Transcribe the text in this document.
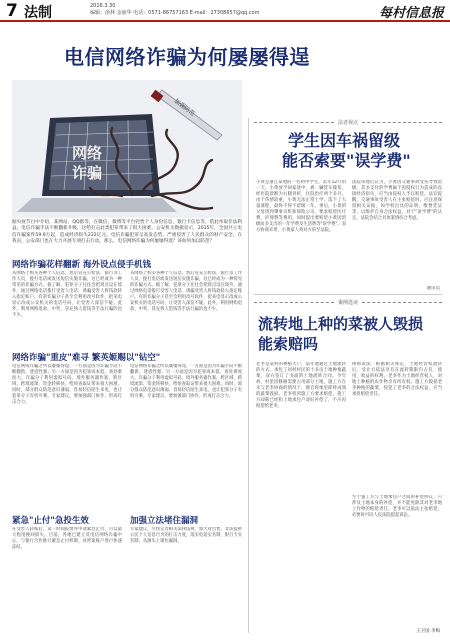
7 法制	2016.3.30
编辑：俞林 金丽华 电话：0571-86757163 E-mail：27308657@qq.com	每村信息报
电信网络诈骗为何屡屡得逞
网络
诈骗
加强防范
据央视节目中介绍，某网站、QQ群等，在微信、微博等平台兜售个人身份信息、银行卡信息等，借此牟取非法利益。电信诈骗手法不断翻新升级，这给打击此类犯罪带来了很大困难。公安机关数据显示，2015年，全国共立电信诈骗案件59.9万起，造成经济损失222亿元。电信诈骗犯罪呈高发态势，严重侵害了人民群众的财产安全。在我省，公安部门也在大力开展专项打击行动。那么，电信网络诈骗为何屡屡得逞？该如何加以防范？
网络诈骗花样翻新 海外设点侵手机钱
从网络上购买各种个人信息，然后冒充公检法、银行等工作人员，拨打电话或发送短信实施诈骗，这已经成为一种常见的诈骗方式。据了解，犯罪分子往往会把窝点设在境外，通过网络电话拨打受害人电话，诱骗受害人将钱款转入指定账户。有的诈骗分子甚至会利用改号软件，把来电显示改成公安机关的电话号码，让受害人深信不疑。此外，利用网购退款、中奖、冒充熟人借钱等手法行骗的也不少。
从网络上购买各种个人信息，然后冒充公检法、银行等工作人员，拨打电话或发送短信实施诈骗，这已经成为一种常见的诈骗方式。据了解，犯罪分子往往会把窝点设在境外，通过网络电话拨打受害人电话，诱骗受害人将钱款转入指定账户。有的诈骗分子甚至会利用改号软件，把来电显示改成公安机关的电话号码，让受害人深信不疑。此外，利用网购退款、中奖、冒充熟人借钱等手法行骗的也不少。
网络诈骗"重皮"难寻 繁英姬赐以"钻空"
电信网络诈骗之所以屡屡得逞，一方面是因为诈骗手段不断翻新，迷惑性强；另一方面是因为犯罪成本低、查处难度大。诈骗分子利用虚拟号码、境外服务器作案，跨区域、跨境流窜，资金转移快，给侦查取证带来很大困难。同时，部分群众防范意识薄弱，容易轻信陌生来电，也让犯罪分子有机可乘。专家建议，要加强部门协作，形成打击合力。
电信网络诈骗之所以屡屡得逞，一方面是因为诈骗手段不断翻新，迷惑性强；另一方面是因为犯罪成本低、查处难度大。诈骗分子利用虚拟号码、境外服务器作案，跨区域、跨境流窜，资金转移快，给侦查取证带来很大困难。同时，部分群众防范意识薄弱，容易轻信陌生来电，也让犯罪分子有机可乘。专家建议，要加强部门协作，形成打击合力。
紧急"止付"急投生效
在受害人转账后，第一时间报警并申请紧急止付，可以最大程度挽回损失。目前，各地已建立反电信网络诈骗中心，与银行合作推行紧急止付机制，对涉案账户进行快速冻结。
加强立法堵住漏洞
专家建议，尽快完善相关法律法规，加大对出售、非法提供公民个人信息行为的打击力度，落实电话实名制、银行卡实名制，从源头上堵住漏洞。
法者视点
学生因车祸留级
能否索要"误学费"
小黄是浙江某地的一名初中学生。去年12月的一天，小黄放学回家途中，被一辆货车撞伤，经医院诊断为右腿骨折，住院治疗两个多月。由于伤情较重，小黄无法正常上学，落下了大量课程，最终不得不留级一年。事后，小黄的父母找到肇事司机和保险公司，要求赔偿医疗费、护理费等费用，同时提出要赔偿小黄因留级而多支出的一年学费及生活费等"误学费"。双方协商未果，小黄家人将对方诉至法院。
法院审理后认为，小黄因交通事故受伤导致留级，其多支付的学费属于因侵权行为造成的直接经济损失，应当由侵权人予以赔偿。法官提醒，交通事故受害人在主张赔偿时，应注意保留相关证据，如学校出具的证明、缴费凭证等，以维护自身合法权益。对于"误学费"的认定，法院会结合具体案情综合考虑。
通讯员
案例选读
流转地上种的菜被人毁损
能索赔吗
老李是某村的种植大户，前年他通过土地流转的方式，承包了同村村民的十多亩土地种植蔬菜，双方签订了书面的土地流转合同。今年初，村里因修路需要占用部分土地，施工方在未与老李协商的情况下，擅自将地里即将成熟的蔬菜毁损。老李找到施工方要求赔偿，施工方却称已经和土地承包户谈好补偿了，不应再赔偿给老李。
律师说法：根据相关规定，土地经营权流转后，受让方依法享有在流转期限内占有、使用、收益的权利。老李作为土地经营权人，对地上种植的农作物享有所有权。施工方毁损老李种植的蔬菜，侵犯了老李的合法权益，应当承担赔偿责任。
至于施工方与土地承包户之间的补偿协议，只涉及土地本身的补偿，并不能免除其对老李地上作物的赔偿责任。老李可以依法主张赔偿，必要时可向人民法院提起诉讼。
王卫国 李梅
